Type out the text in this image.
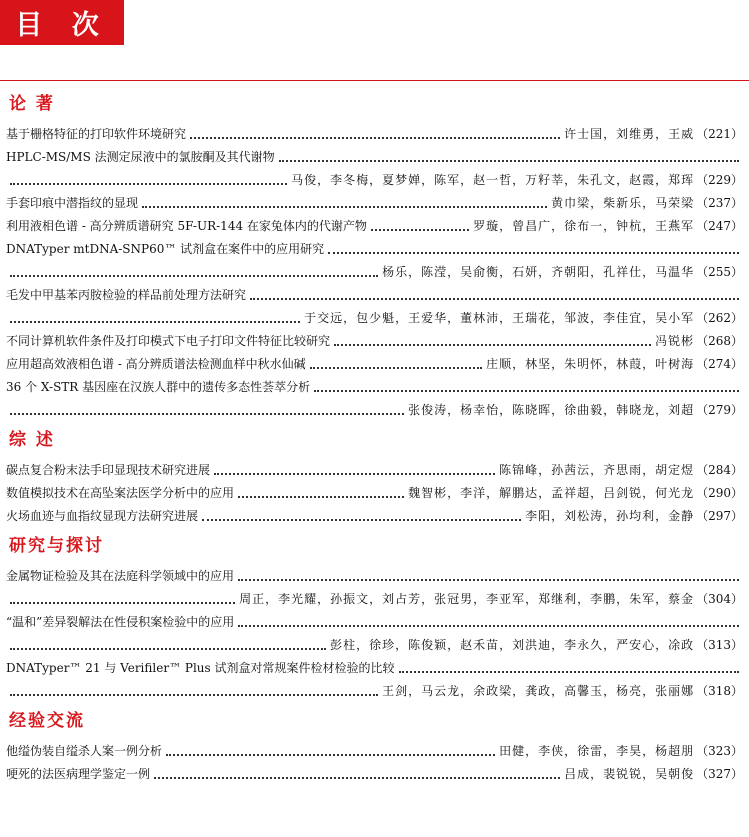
目 次
论 著
基于栅格特征的打印软件环境研究	许士国，刘维勇，王威 （221）
HPLC-MS/MS 法测定尿液中的氯胺酮及其代谢物
马俊，李冬梅，夏梦婵，陈军，赵一哲，万籽莘，朱孔文，赵霞，郑珲 （229）
手套印痕中潜指纹的显现	黄巾梁，柴新乐，马荣梁 （237）
利用液相色谱 - 高分辨质谱研究 5F-UR-144 在家兔体内的代谢产物	罗璇，曾昌广，徐布一，钟杭，王燕军 （247）
DNATyper mtDNA-SNP60™ 试剂盒在案件中的应用研究
杨乐，陈滢，吴俞衡，石妍，齐朝阳，孔祥仕，马温华 （255）
毛发中甲基苯丙胺检验的样品前处理方法研究
于交远，包少魁，王爱华，董林沛，王瑞花，邹波，李佳宜，吴小军 （262）
不同计算机软件条件及打印模式下电子打印文件特征比较研究	冯锐彬 （268）
应用超高效液相色谱 - 高分辨质谱法检测血样中秋水仙碱	庄顺，林坚，朱明怀，林葭，叶树海 （274）
36 个 X-STR 基因座在汉族人群中的遗传多态性荟萃分析
张俊涛，杨幸怡，陈晓晖，徐曲毅，韩晓龙，刘超 （279）
综 述
碳点复合粉末法手印显现技术研究进展	陈锦峰，孙茜沄，齐思雨，胡定煜 （284）
数值模拟技术在高坠案法医学分析中的应用	魏智彬，李洋，解鹏达，孟祥超，吕剑锐，何光龙 （290）
火场血迹与血指纹显现方法研究进展	李阳，刘松涛，孙均利，金静 （297）
研究与探讨
金属物证检验及其在法庭科学领域中的应用
周正，李光耀，孙振文，刘占芳，张冠男，李亚军，郑继利，李鹏，朱军，蔡金 （304）
“温和”差异裂解法在性侵积案检验中的应用
彭柱，徐珍，陈俊颖，赵禾苗，刘洪迪，李永久，严安心，凃政 （313）
DNATyper™ 21 与 Verifiler™ Plus 试剂盒对常规案件检材检验的比较
王剑，马云龙，余政梁，龚政，高馨玉，杨亮，张丽娜 （318）
经验交流
他缢伪装自缢杀人案一例分析	田健，李侠，徐雷，李昊，杨超朋 （323）
哽死的法医病理学鉴定一例	吕成，裴锐锐，吴朝俊 （327）
